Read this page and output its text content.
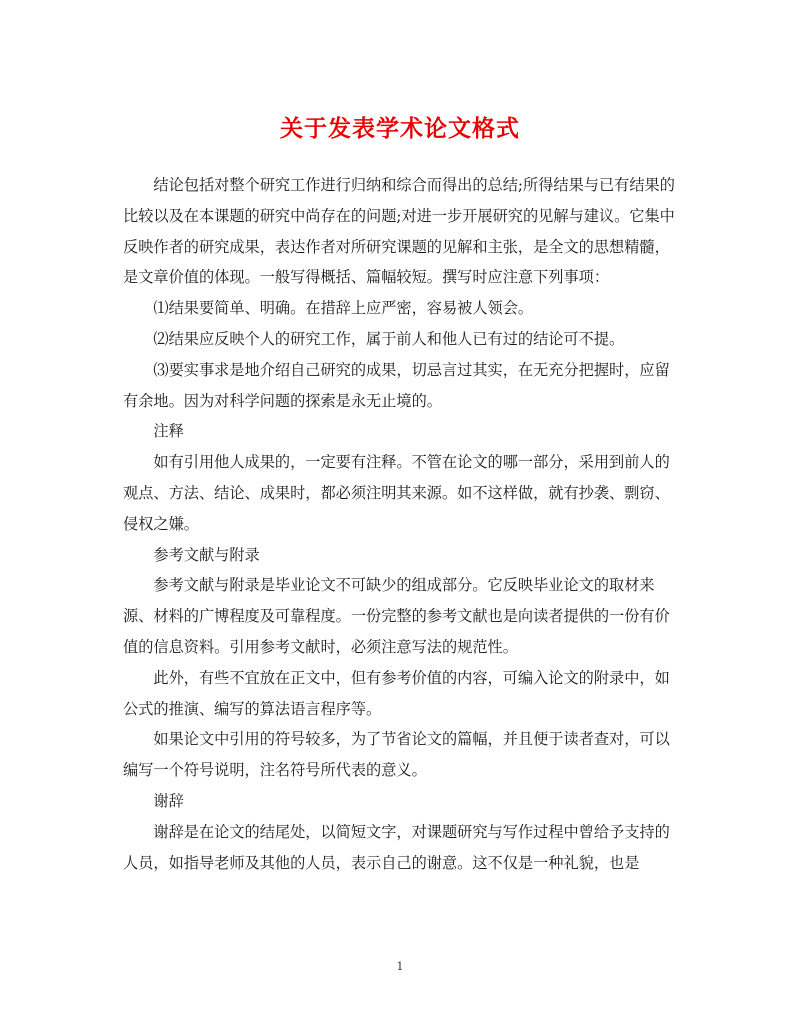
关于发表学术论文格式

结论包括对整个研究工作进行归纳和综合而得出的总结;所得结果与已有结果的比较以及在本课题的研究中尚存在的问题;对进一步开展研究的见解与建议。它集中反映作者的研究成果，表达作者对所研究课题的见解和主张，是全文的思想精髓，是文章价值的体现。一般写得概括、篇幅较短。撰写时应注意下列事项：

⑴结果要简单、明确。在措辞上应严密，容易被人领会。

⑵结果应反映个人的研究工作，属于前人和他人已有过的结论可不提。

⑶要实事求是地介绍自己研究的成果，切忌言过其实，在无充分把握时，应留有余地。因为对科学问题的探索是永无止境的。

注释

如有引用他人成果的，一定要有注释。不管在论文的哪一部分，采用到前人的观点、方法、结论、成果时，都必须注明其来源。如不这样做，就有抄袭、剽窃、侵权之嫌。

参考文献与附录

参考文献与附录是毕业论文不可缺少的组成部分。它反映毕业论文的取材来源、材料的广博程度及可靠程度。一份完整的参考文献也是向读者提供的一份有价值的信息资料。引用参考文献时，必须注意写法的规范性。

此外，有些不宜放在正文中，但有参考价值的内容，可编入论文的附录中，如公式的推演、编写的算法语言程序等。

如果论文中引用的符号较多，为了节省论文的篇幅，并且便于读者查对，可以编写一个符号说明，注名符号所代表的意义。

谢辞

谢辞是在论文的结尾处，以简短文字，对课题研究与写作过程中曾给予支持的人员，如指导老师及其他的人员，表示自己的谢意。这不仅是一种礼貌，也是

1
